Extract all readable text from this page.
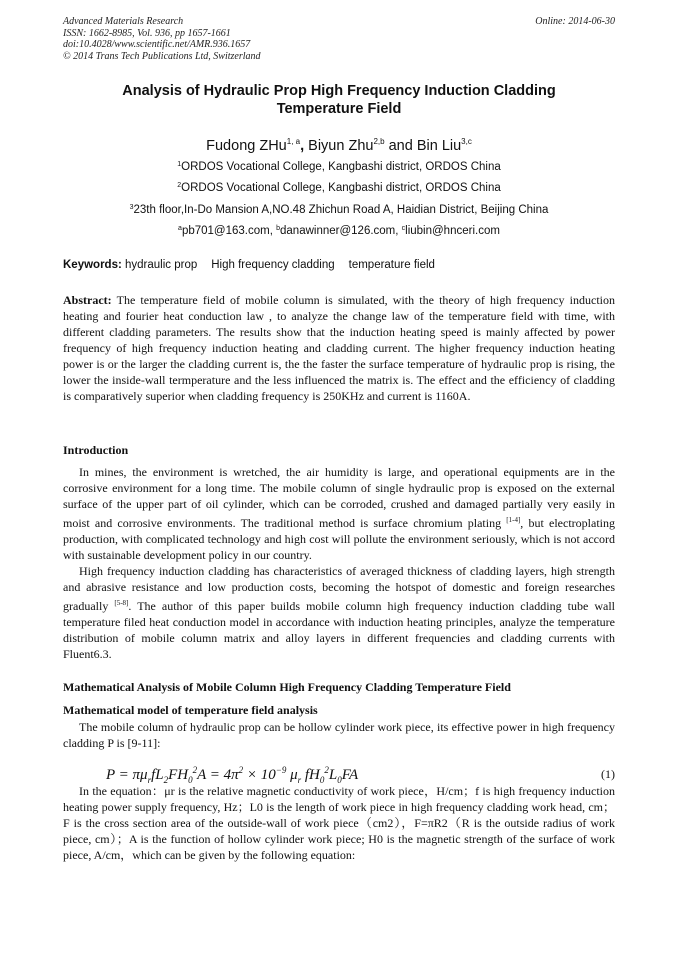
Advanced Materials Research
ISSN: 1662-8985, Vol. 936, pp 1657-1661
doi:10.4028/www.scientific.net/AMR.936.1657
© 2014 Trans Tech Publications Ltd, Switzerland
Online: 2014-06-30
Analysis of Hydraulic Prop High Frequency Induction Cladding
Temperature Field
Fudong ZHu$^{1, a}$, Biyun Zhu$^{2,b}$ and Bin Liu$^{3,c}$
$^1$ORDOS Vocational College, Kangbashi district, ORDOS China
$^2$ORDOS Vocational College, Kangbashi district, ORDOS China
$^3$23th floor,In-Do Mansion A,NO.48 Zhichun Road A, Haidian District, Beijing China
$^a$pb701@163.com, $^b$danawinner@126.com, $^c$liubin@hnceri.com
Keywords: hydraulic prop High frequency cladding temperature field
Abstract: The temperature field of mobile column is simulated, with the theory of high frequency induction heating and fourier heat conduction law , to analyze the change law of the temperature field with time, with different cladding parameters. The results show that the induction heating speed is mainly affected by power frequency of high frequency induction heating and cladding current. The higher frequency induction heating power is or the larger the cladding current is, the the faster the surface temperature of hydraulic prop is rising, the lower the inside-wall termperature and the less influenced the matrix is. The effect and the efficiency of cladding is comparatively superior when cladding frequency is 250KHz and current is 1160A.
Introduction
In mines, the environment is wretched, the air humidity is large, and operational equipments are in the corrosive environment for a long time. The mobile column of single hydraulic prop is exposed on the external surface of the upper part of oil cylinder, which can be corroded, crushed and damaged partially very easily in moist and corrosive environments. The traditional method is surface chromium plating [1-4], but electroplating production, with complicated technology and high cost will pollute the environment seriously, which is not accord with sustainable development policy in our country.
High frequency induction cladding has characteristics of averaged thickness of cladding layers, high strength and abrasive resistance and low production costs, becoming the hotspot of domestic and foreign researches gradually [5-8]. The author of this paper builds mobile column high frequency induction cladding tube wall temperature filed heat conduction model in accordance with induction heating principles, analyze the temperature distribution of mobile column matrix and alloy layers in different frequencies and cladding currents with Fluent6.3.
Mathematical Analysis of Mobile Column High Frequency Cladding Temperature Field
Mathematical model of temperature field analysis
The mobile column of hydraulic prop can be hollow cylinder work piece, its effective power in high frequency cladding P is [9-11]:
$P = \pi\mu_rfL_2FH_0^2A = 4\pi^2 \times 10^{-9}$ $\mu_r$ $fH_0^2L_0FA$	(1)
In the equation：μr is the relative magnetic conductivity of work piece，H/cm；f is high frequency induction heating power supply frequency, Hz；L0 is the length of work piece in high frequency cladding work head, cm；F is the cross section area of the outside-wall of work piece（cm2），F=πR2（R is the outside radius of work piece, cm）；A is the function of hollow cylinder work piece; H0 is the magnetic strength of the surface of work piece, A/cm，which can be given by the following equation:
